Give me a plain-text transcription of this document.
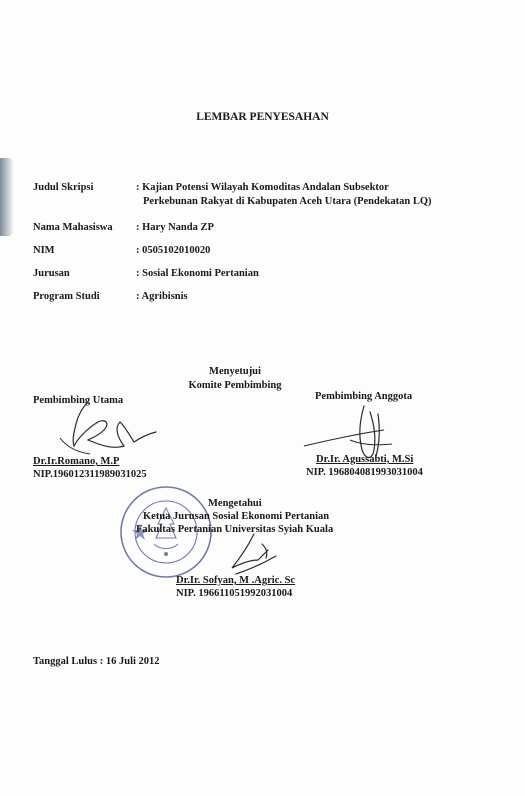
LEMBAR PENYESAHAN
Judul Skripsi	: Kajian Potensi Wilayah Komoditas Andalan Subsektor
Perkebunan Rakyat di Kabupaten Aceh Utara (Pendekatan LQ)
Nama Mahasiswa : Hary Nanda ZP
NIM	: 0505102010020
Jurusan	: Sosial Ekonomi Pertanian
Program Studi	: Agribisnis
Menyetujui
Komite Pembimbing
Pembimbing Utama
Dr.Ir.Romano, M.P
NIP.196012311989031025
Pembimbing Anggota
Dr.Ir. Agussabti, M.Si
NIP. 196804081993031004
Mengetahui
Ketua Jurusan Sosial Ekonomi Pertanian
Fakultas Pertanian Universitas Syiah Kuala
Dr.Ir. Sofyan, M .Agric. Sc
NIP. 196611051992031004
Tanggal Lulus : 16 Juli 2012
